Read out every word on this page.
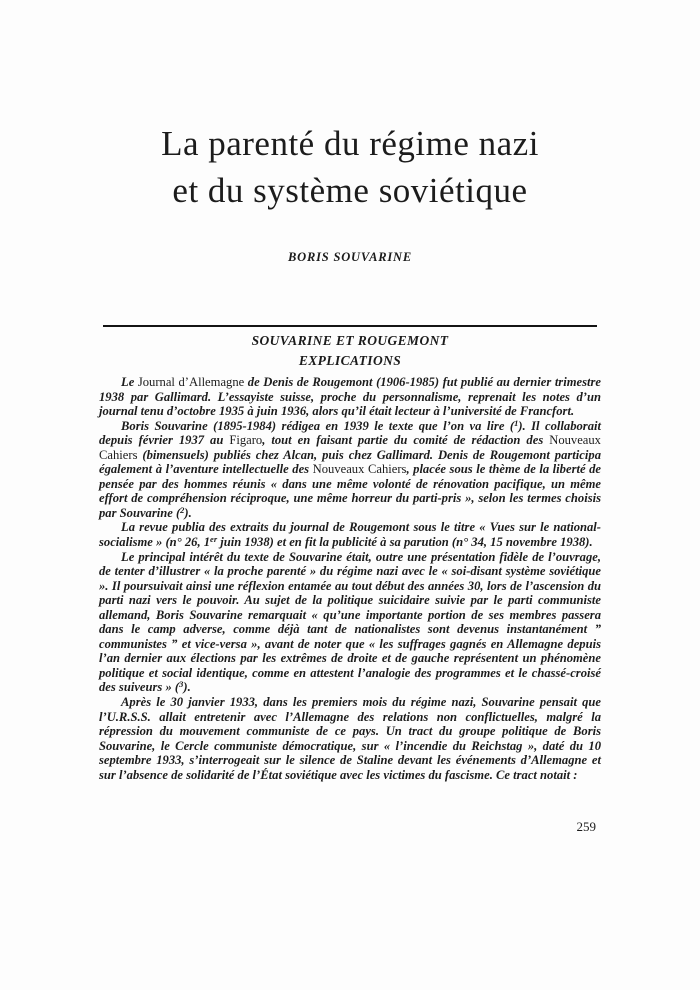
La parenté du régime nazi
et du système soviétique
BORIS SOUVARINE
SOUVARINE ET ROUGEMONT
EXPLICATIONS

Le Journal d’Allemagne de Denis de Rougemont (1906-1985) fut publié au dernier trimestre 1938 par Gallimard. L’essayiste suisse, proche du personnalisme, reprenait les notes d’un journal tenu d’octobre 1935 à juin 1936, alors qu’il était lecteur à l’université de Francfort.

Boris Souvarine (1895-1984) rédigea en 1939 le texte que l’on va lire ($^1$). Il collaborait depuis février 1937 au Figaro, tout en faisant partie du comité de rédaction des Nouveaux Cahiers (bimensuels) publiés chez Alcan, puis chez Gallimard. Denis de Rougemont participa également à l’aventure intellectuelle des Nouveaux Cahiers, placée sous le thème de la liberté de pensée par des hommes réunis « dans une même volonté de rénovation pacifique, un même effort de compréhension réciproque, une même horreur du parti-pris », selon les termes choisis par Souvarine ($^2$).

La revue publia des extraits du journal de Rougemont sous le titre « Vues sur le national-socialisme » (n° 26, 1er juin 1938) et en fit la publicité à sa parution (n° 34, 15 novembre 1938).

Le principal intérêt du texte de Souvarine était, outre une présentation fidèle de l’ouvrage, de tenter d’illustrer « la proche parenté » du régime nazi avec le « soi-disant système soviétique ». Il poursuivait ainsi une réflexion entamée au tout début des années 30, lors de l’ascension du parti nazi vers le pouvoir. Au sujet de la politique suicidaire suivie par le parti communiste allemand, Boris Souvarine remarquait « qu’une importante portion de ses membres passera dans le camp adverse, comme déjà tant de nationalistes sont devenus instantanément ” communistes ” et vice-versa », avant de noter que « les suffrages gagnés en Allemagne depuis l’an dernier aux élections par les extrêmes de droite et de gauche représentent un phénomène politique et social identique, comme en attestent l’analogie des programmes et le chassé-croisé des suiveurs » ($^3$).

Après le 30 janvier 1933, dans les premiers mois du régime nazi, Souvarine pensait que l’U.R.S.S. allait entretenir avec l’Allemagne des relations non conflictuelles, malgré la répression du mouvement communiste de ce pays. Un tract du groupe politique de Boris Souvarine, le Cercle communiste démocratique, sur « l’incendie du Reichstag », daté du 10 septembre 1933, s’interrogeait sur le silence de Staline devant les événements d’Allemagne et sur l’absence de solidarité de l’État soviétique avec les victimes du fascisme. Ce tract notait :

259
